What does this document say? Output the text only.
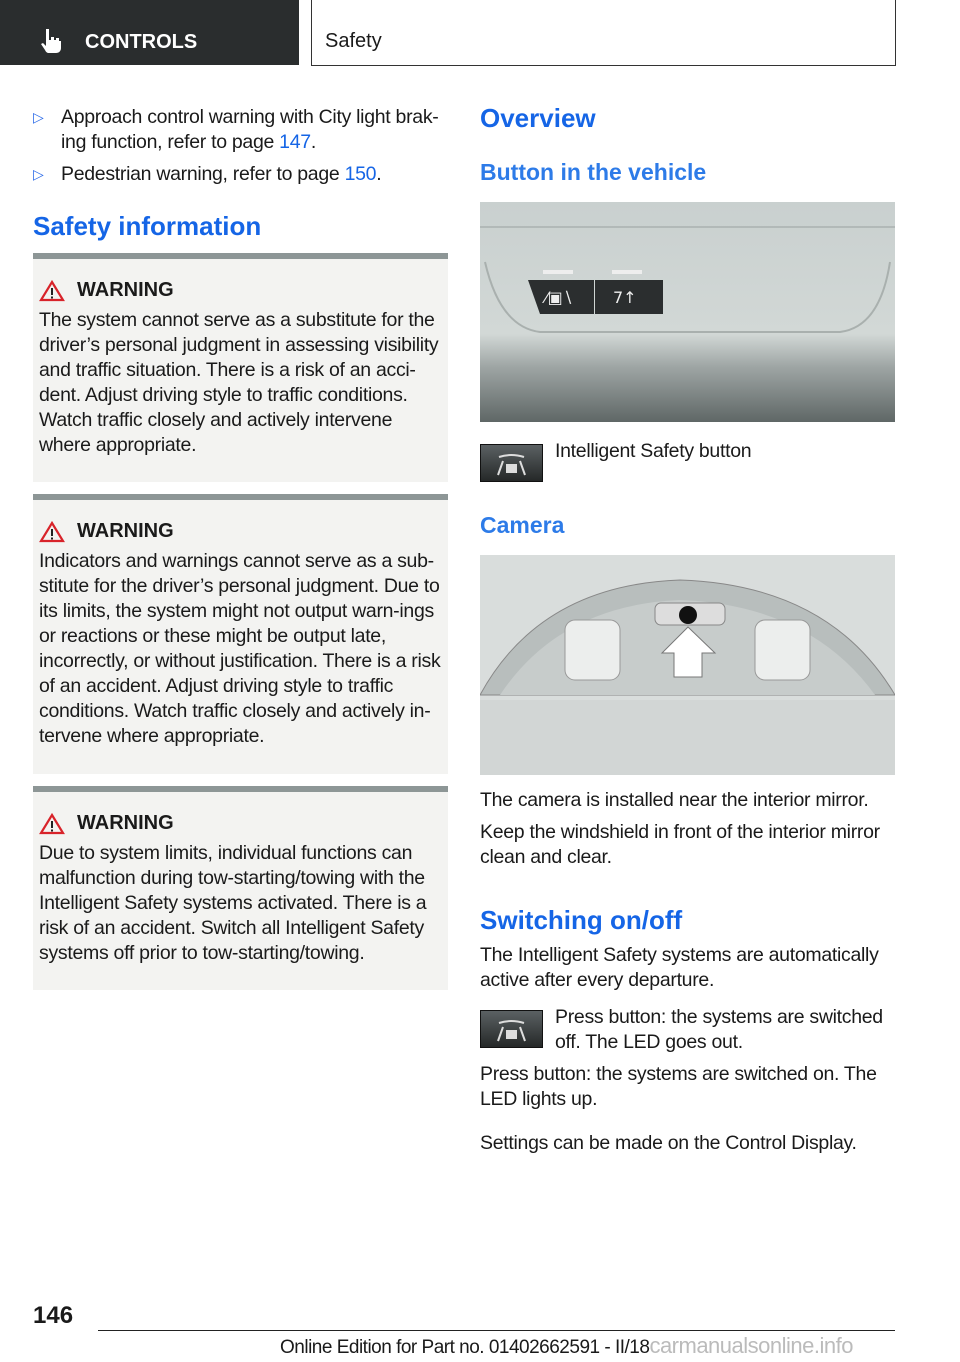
CONTROLS	Safety
▷ Approach control warning with City light brak-ing function, refer to page 147.
▷ Pedestrian warning, refer to page 150.
Safety information
WARNING
The system cannot serve as a substitute for the driver’s personal judgment in assessing visibility and traffic situation. There is a risk of an acci-dent. Adjust driving style to traffic conditions. Watch traffic closely and actively intervene where appropriate.
WARNING
Indicators and warnings cannot serve as a sub-stitute for the driver’s personal judgment. Due to its limits, the system might not output warn-ings or reactions or these might be output late, incorrectly, or without justification. There is a risk of an accident. Adjust driving style to traffic conditions. Watch traffic closely and actively in-tervene where appropriate.
WARNING
Due to system limits, individual functions can malfunction during tow-starting/towing with the Intelligent Safety systems activated. There is a risk of an accident. Switch all Intelligent Safety systems off prior to tow-starting/towing.
Overview
Button in the vehicle
⁄▣∖	7↑
Intelligent Safety button
Camera
The camera is installed near the interior mirror.
Keep the windshield in front of the interior mirror clean and clear.
Switching on/off
The Intelligent Safety systems are automatically active after every departure.
Press button: the systems are switched off. The LED goes out.
Press button: the systems are switched on. The LED lights up.
Settings can be made on the Control Display.
146
Online Edition for Part no. 01402662591 - II/18carmanualsonline.info
